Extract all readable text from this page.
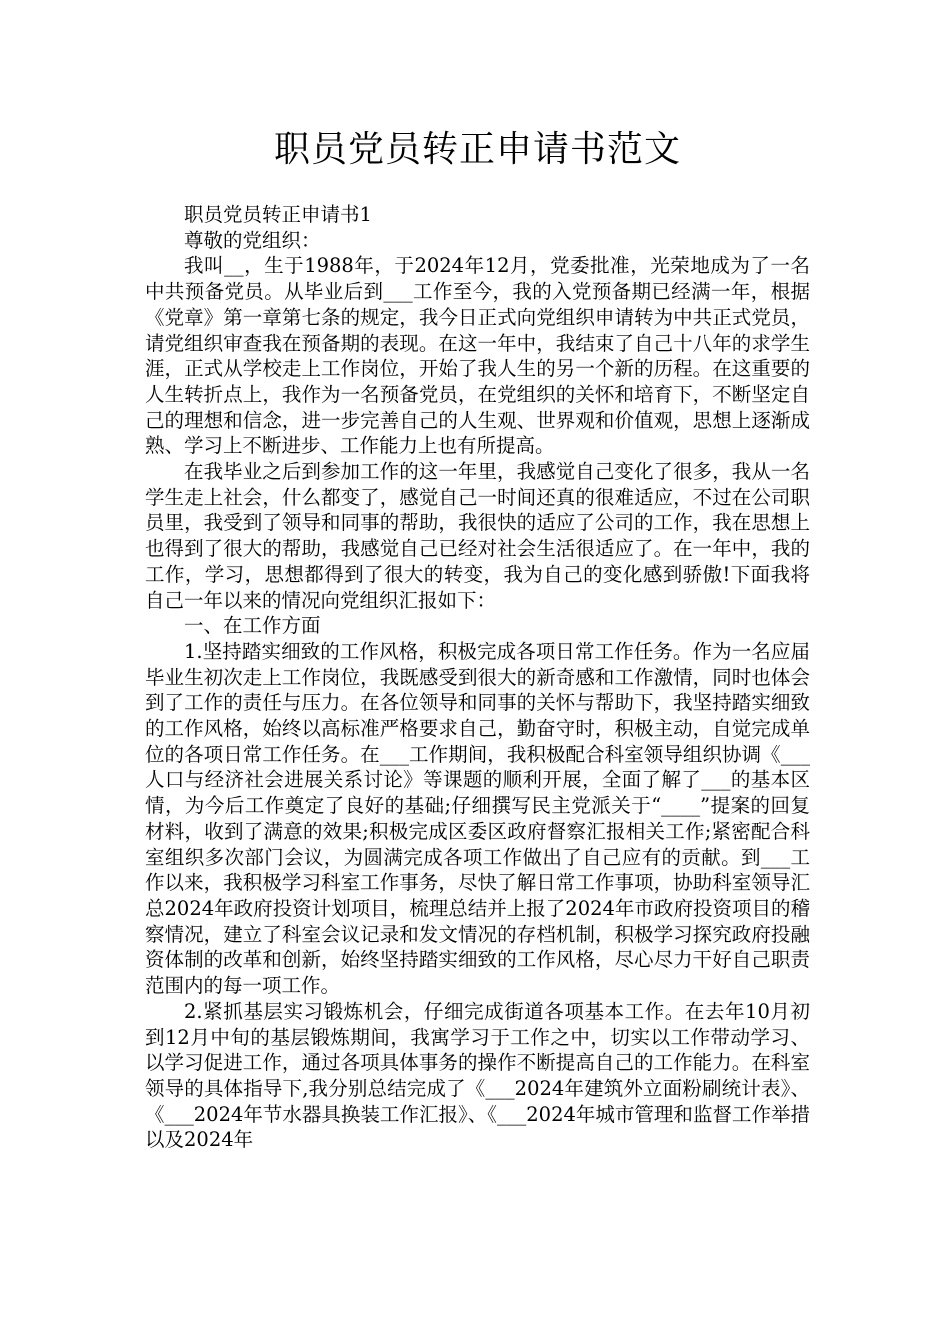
职员党员转正申请书范文

职员党员转正申请书1

尊敬的党组织：

我叫__，生于1988年，于2024年12月，党委批准，光荣地成为了一名中共预备党员。从毕业后到___工作至今，我的入党预备期已经满一年，根据《党章》第一章第七条的规定，我今日正式向党组织申请转为中共正式党员，请党组织审查我在预备期的表现。在这一年中，我结束了自己十八年的求学生涯，正式从学校走上工作岗位，开始了我人生的另一个新的历程。在这重要的人生转折点上，我作为一名预备党员，在党组织的关怀和培育下，不断坚定自己的理想和信念，进一步完善自己的人生观、世界观和价值观，思想上逐渐成熟、学习上不断进步、工作能力上也有所提高。

在我毕业之后到参加工作的这一年里，我感觉自己变化了很多，我从一名学生走上社会，什么都变了，感觉自己一时间还真的很难适应，不过在公司职员里，我受到了领导和同事的帮助，我很快的适应了公司的工作，我在思想上也得到了很大的帮助，我感觉自己已经对社会生活很适应了。在一年中，我的工作，学习，思想都得到了很大的转变，我为自己的变化感到骄傲!下面我将自己一年以来的情况向党组织汇报如下：

一、在工作方面

1.坚持踏实细致的工作风格，积极完成各项日常工作任务。作为一名应届毕业生初次走上工作岗位，我既感受到很大的新奇感和工作激情，同时也体会到了工作的责任与压力。在各位领导和同事的关怀与帮助下，我坚持踏实细致的工作风格，始终以高标准严格要求自己，勤奋守时，积极主动，自觉完成单位的各项日常工作任务。在___工作期间，我积极配合科室领导组织协调《___人口与经济社会进展关系讨论》等课题的顺利开展，全面了解了___的基本区情，为今后工作奠定了良好的基础;仔细撰写民主党派关于“____”提案的回复材料，收到了满意的效果;积极完成区委区政府督察汇报相关工作;紧密配合科室组织多次部门会议，为圆满完成各项工作做出了自己应有的贡献。到___工作以来，我积极学习科室工作事务，尽快了解日常工作事项，协助科室领导汇总2024年政府投资计划项目，梳理总结并上报了2024年市政府投资项目的稽察情况，建立了科室会议记录和发文情况的存档机制，积极学习探究政府投融资体制的改革和创新，始终坚持踏实细致的工作风格，尽心尽力干好自己职责范围内的每一项工作。

2.紧抓基层实习锻炼机会，仔细完成街道各项基本工作。在去年10月初到12月中旬的基层锻炼期间，我寓学习于工作之中，切实以工作带动学习、以学习促进工作，通过各项具体事务的操作不断提高自己的工作能力。在科室领导的具体指导下,我分别总结完成了《___2024年建筑外立面粉刷统计表》、《___2024年节水器具换装工作汇报》、《___2024年城市管理和监督工作举措以及2024年
